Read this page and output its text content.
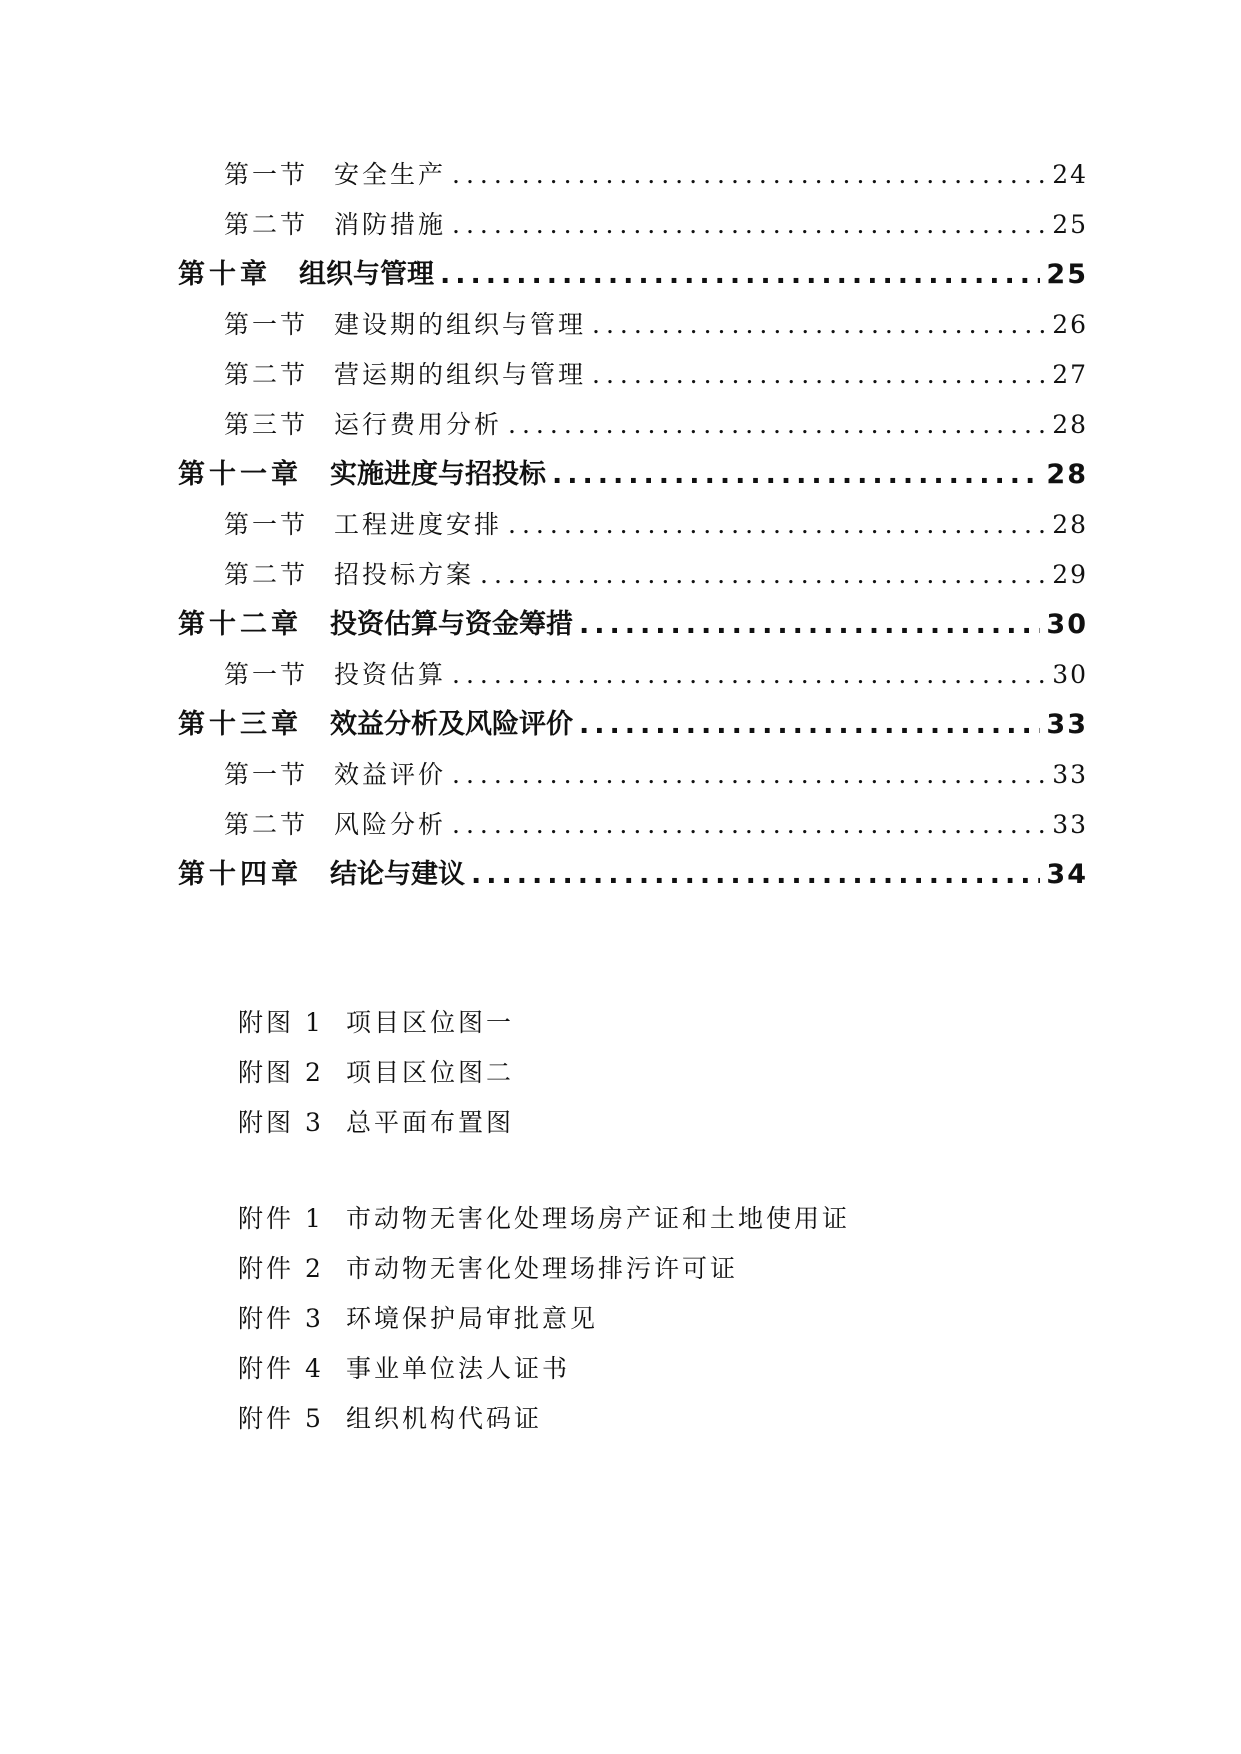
第一节 安全生产 .....	24
第二节 消防措施 .....	25
第十章 组织与管理 .....	25
第一节 建设期的组织与管理 .....	26
第二节 营运期的组织与管理 .....	27
第三节 运行费用分析 .....	28
第十一章 实施进度与招投标 .....	28
第一节 工程进度安排 .....	28
第二节 招投标方案 .....	29
第十二章 投资估算与资金筹措 .....	30
第一节 投资估算 .....	30
第十三章 效益分析及风险评价 .....	33
第一节 效益评价 .....	33
第二节 风险分析 .....	33
第十四章 结论与建议 .....	34
附图 1 项目区位图一
附图 2 项目区位图二
附图 3 总平面布置图
附件 1 市动物无害化处理场房产证和土地使用证
附件 2 市动物无害化处理场排污许可证
附件 3 环境保护局审批意见
附件 4 事业单位法人证书
附件 5 组织机构代码证
